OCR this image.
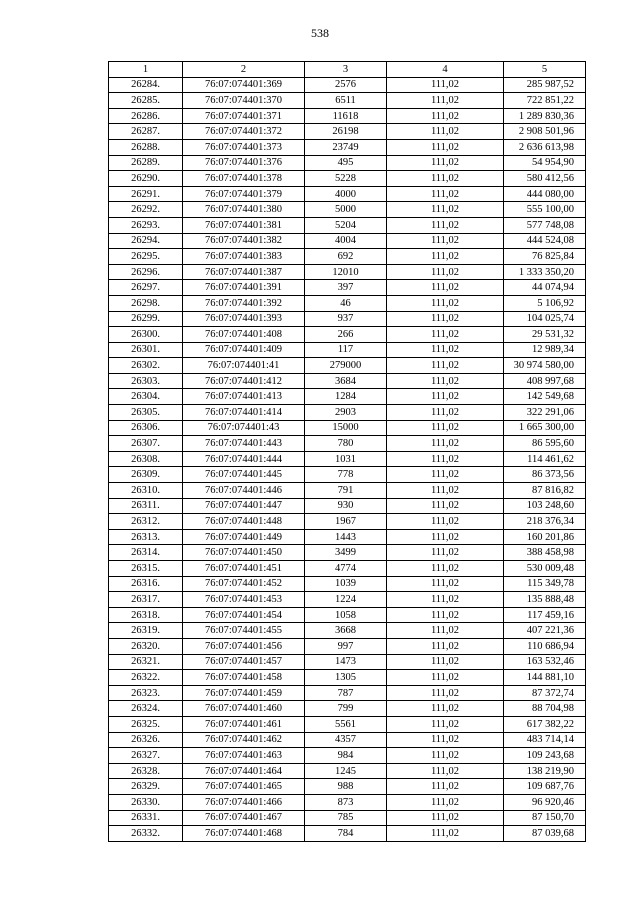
538
1	2	3	4	5
26284.	76:07:074401:369	2576	111,02	285 987,52
26285.	76:07:074401:370	6511	111,02	722 851,22
26286.	76:07:074401:371	11618	111,02	1 289 830,36
26287.	76:07:074401:372	26198	111,02	2 908 501,96
26288.	76:07:074401:373	23749	111,02	2 636 613,98
26289.	76:07:074401:376	495	111,02	54 954,90
26290.	76:07:074401:378	5228	111,02	580 412,56
26291.	76:07:074401:379	4000	111,02	444 080,00
26292.	76:07:074401:380	5000	111,02	555 100,00
26293.	76:07:074401:381	5204	111,02	577 748,08
26294.	76:07:074401:382	4004	111,02	444 524,08
26295.	76:07:074401:383	692	111,02	76 825,84
26296.	76:07:074401:387	12010	111,02	1 333 350,20
26297.	76:07:074401:391	397	111,02	44 074,94
26298.	76:07:074401:392	46	111,02	5 106,92
26299.	76:07:074401:393	937	111,02	104 025,74
26300.	76:07:074401:408	266	111,02	29 531,32
26301.	76:07:074401:409	117	111,02	12 989,34
26302.	76:07:074401:41	279000	111,02	30 974 580,00
26303.	76:07:074401:412	3684	111,02	408 997,68
26304.	76:07:074401:413	1284	111,02	142 549,68
26305.	76:07:074401:414	2903	111,02	322 291,06
26306.	76:07:074401:43	15000	111,02	1 665 300,00
26307.	76:07:074401:443	780	111,02	86 595,60
26308.	76:07:074401:444	1031	111,02	114 461,62
26309.	76:07:074401:445	778	111,02	86 373,56
26310.	76:07:074401:446	791	111,02	87 816,82
26311.	76:07:074401:447	930	111,02	103 248,60
26312.	76:07:074401:448	1967	111,02	218 376,34
26313.	76:07:074401:449	1443	111,02	160 201,86
26314.	76:07:074401:450	3499	111,02	388 458,98
26315.	76:07:074401:451	4774	111,02	530 009,48
26316.	76:07:074401:452	1039	111,02	115 349,78
26317.	76:07:074401:453	1224	111,02	135 888,48
26318.	76:07:074401:454	1058	111,02	117 459,16
26319.	76:07:074401:455	3668	111,02	407 221,36
26320.	76:07:074401:456	997	111,02	110 686,94
26321.	76:07:074401:457	1473	111,02	163 532,46
26322.	76:07:074401:458	1305	111,02	144 881,10
26323.	76:07:074401:459	787	111,02	87 372,74
26324.	76:07:074401:460	799	111,02	88 704,98
26325.	76:07:074401:461	5561	111,02	617 382,22
26326.	76:07:074401:462	4357	111,02	483 714,14
26327.	76:07:074401:463	984	111,02	109 243,68
26328.	76:07:074401:464	1245	111,02	138 219,90
26329.	76:07:074401:465	988	111,02	109 687,76
26330.	76:07:074401:466	873	111,02	96 920,46
26331.	76:07:074401:467	785	111,02	87 150,70
26332.	76:07:074401:468	784	111,02	87 039,68
